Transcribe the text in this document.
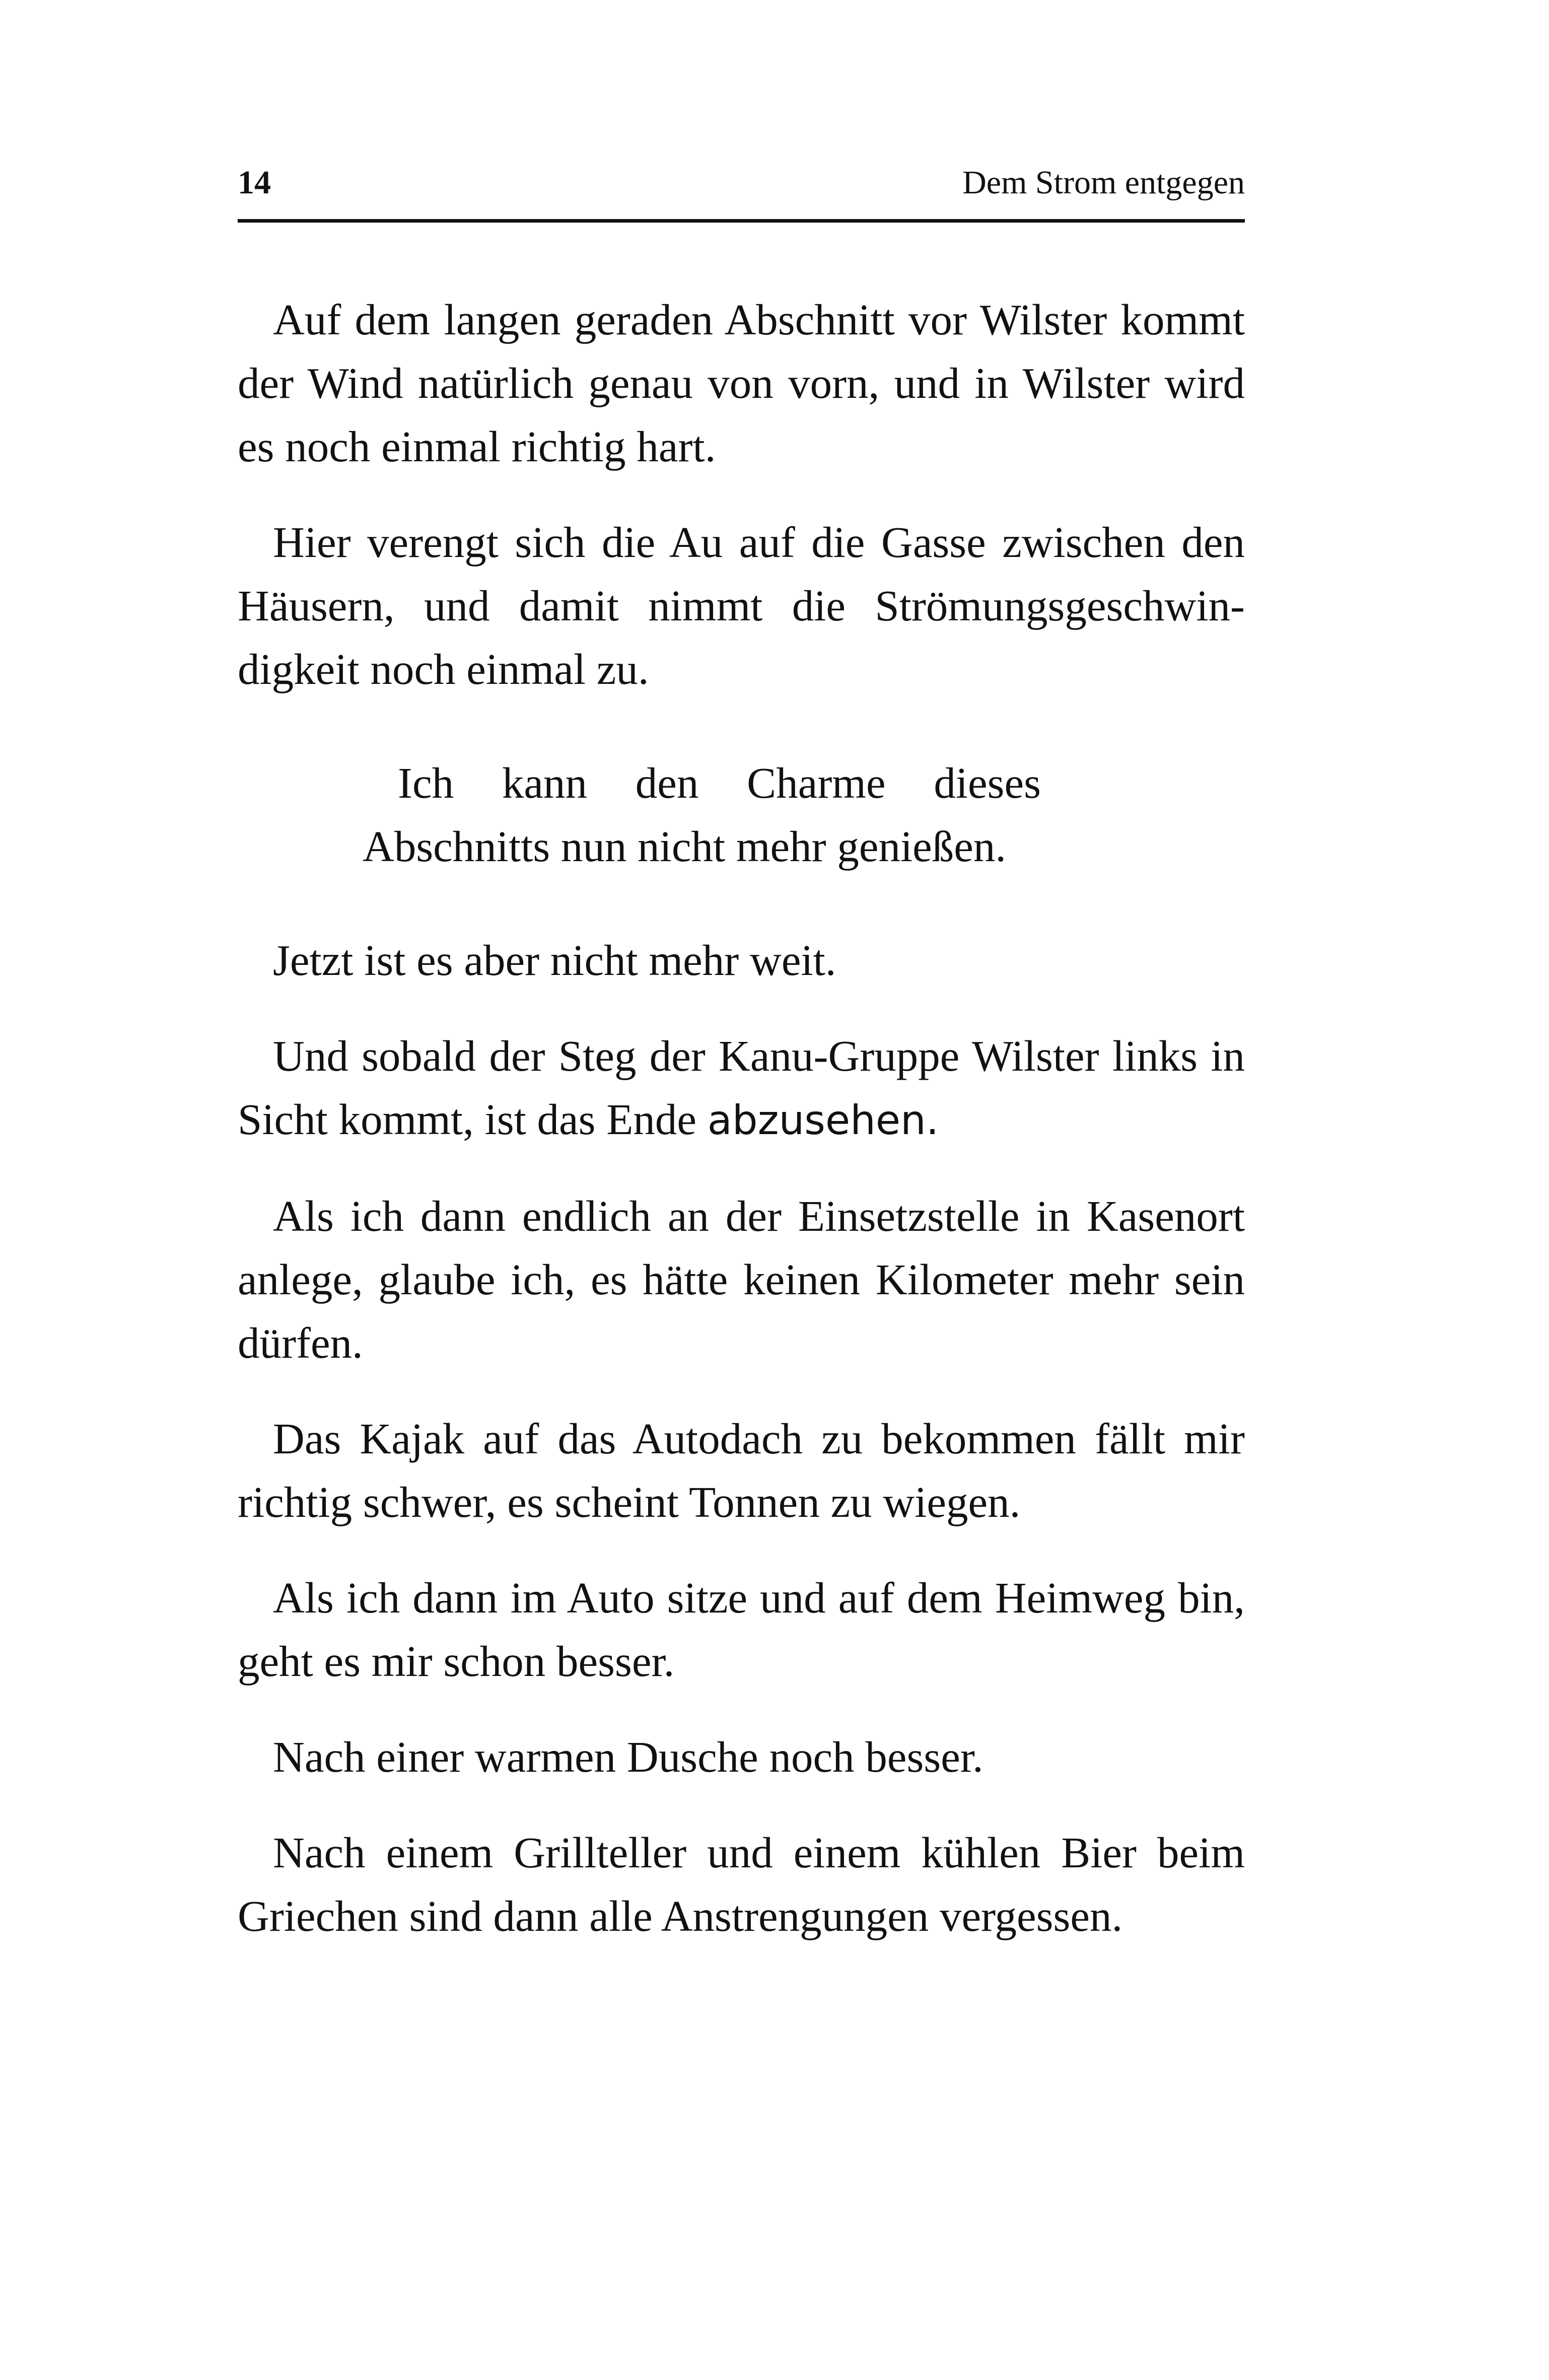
14	Dem Strom entgegen

Auf dem langen geraden Abschnitt vor Wilster kommt der Wind natürlich genau von vorn, und in Wilster wird es noch einmal richtig hart.

Hier verengt sich die Au auf die Gasse zwischen den Häusern, und damit nimmt die Strömungsgeschwindigkeit noch einmal zu.

Ich kann den Charme dieses Abschnitts nun nicht mehr genießen.

Jetzt ist es aber nicht mehr weit.

Und sobald der Steg der Kanu-Gruppe Wilster links in Sicht kommt, ist das Ende abzusehen.

Als ich dann endlich an der Einsetzstelle in Kasenort anlege, glaube ich, es hätte keinen Kilometer mehr sein dürfen.

Das Kajak auf das Autodach zu bekommen fällt mir richtig schwer, es scheint Tonnen zu wiegen.

Als ich dann im Auto sitze und auf dem Heimweg bin, geht es mir schon besser.

Nach einer warmen Dusche noch besser.

Nach einem Grillteller und einem kühlen Bier beim Griechen sind dann alle Anstrengungen vergessen.
